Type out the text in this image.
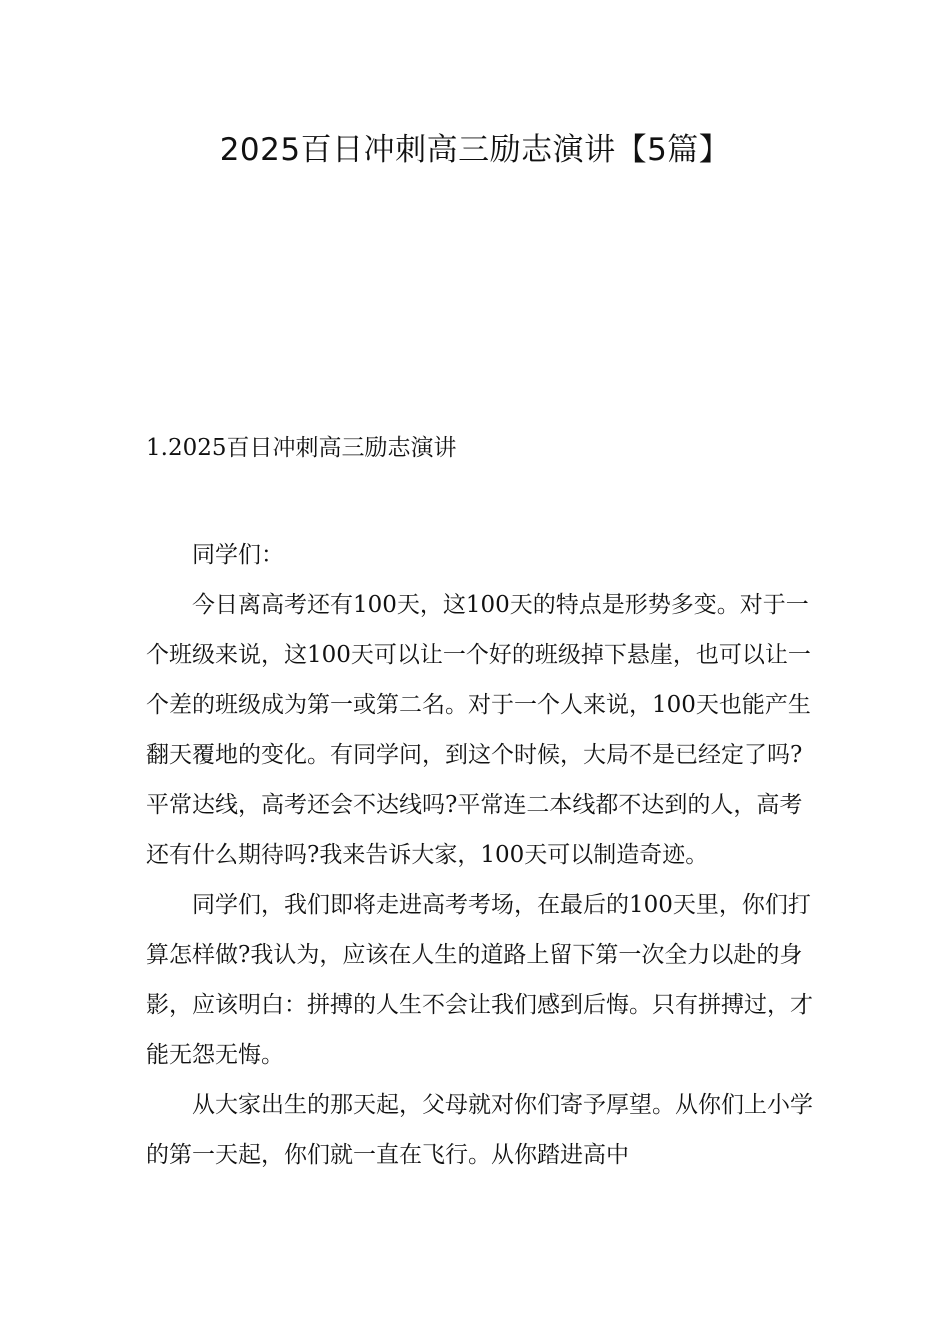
2025百日冲刺高三励志演讲【5篇】
1.2025百日冲刺高三励志演讲

同学们：

今日离高考还有100天，这100天的特点是形势多变。对于一个班级来说，这100天可以让一个好的班级掉下悬崖，也可以让一个差的班级成为第一或第二名。对于一个人来说，100天也能产生翻天覆地的变化。有同学问，到这个时候，大局不是已经定了吗?平常达线，高考还会不达线吗?平常连二本线都不达到的人，高考还有什么期待吗?我来告诉大家，100天可以制造奇迹。

同学们，我们即将走进高考考场，在最后的100天里，你们打算怎样做?我认为，应该在人生的道路上留下第一次全力以赴的身影，应该明白：拼搏的人生不会让我们感到后悔。只有拼搏过，才能无怨无悔。

从大家出生的那天起，父母就对你们寄予厚望。从你们上小学的第一天起，你们就一直在飞行。从你踏进高中
